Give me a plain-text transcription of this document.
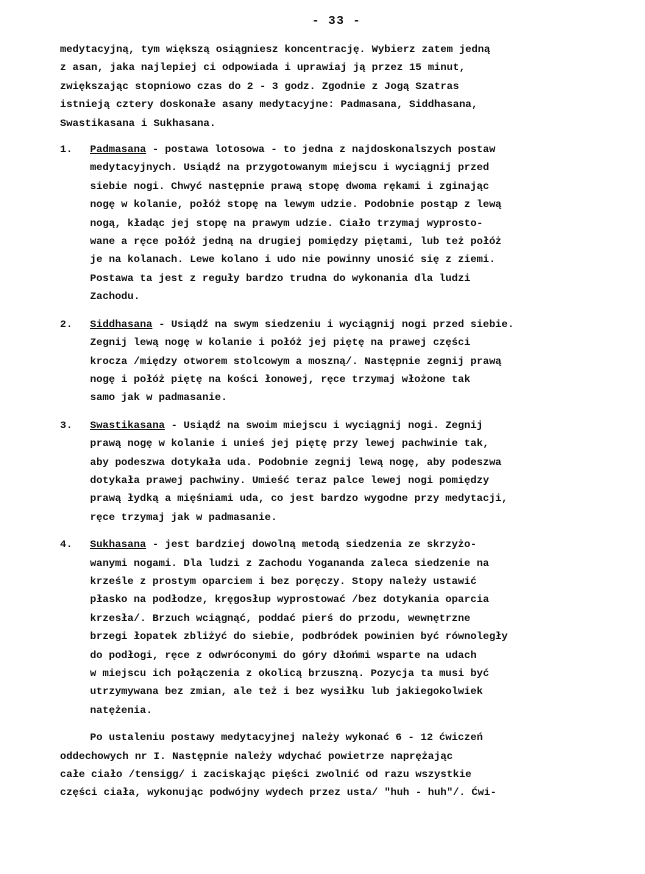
- 33 -

medytacyjną, tym większą osiągniesz koncentrację. Wybierz zatem jedną

z asan, jaka najlepiej ci odpowiada i uprawiaj ją przez 15 minut,

zwiększając stopniowo czas do 2 - 3 godz. Zgodnie z Jogą Szatras

istnieją cztery doskonałe asany medytacyjne: Padmasana, Siddhasana,

Swastikasana i Sukhasana.

1. Padmasana - postawa lotosowa - to jedna z najdoskonalszych postaw

medytacyjnych. Usiądź na przygotowanym miejscu i wyciągnij przed

siebie nogi. Chwyć następnie prawą stopę dwoma rękami i zginając

nogę w kolanie, połóż stopę na lewym udzie. Podobnie postąp z lewą

nogą, kładąc jej stopę na prawym udzie. Ciało trzymaj wyprosto-

wane a ręce połóż jedną na drugiej pomiędzy piętami, lub też połóż

je na kolanach. Lewe kolano i udo nie powinny unosić się z ziemi.

Postawa ta jest z reguły bardzo trudna do wykonania dla ludzi

Zachodu.

2. Siddhasana - Usiądź na swym siedzeniu i wyciągnij nogi przed siebie.

Zegnij lewą nogę w kolanie i połóż jej piętę na prawej części

krocza /między otworem stolcowym a moszną/. Następnie zegnij prawą

nogę i połóż piętę na kości łonowej, ręce trzymaj włożone tak

samo jak w padmasanie.

3. Swastikasana - Usiądź na swoim miejscu i wyciągnij nogi. Zegnij

prawą nogę w kolanie i unieś jej piętę przy lewej pachwinie tak,

aby podeszwa dotykała uda. Podobnie zegnij lewą nogę, aby podeszwa

dotykała prawej pachwiny. Umieść teraz palce lewej nogi pomiędzy

prawą łydką a mięśniami uda, co jest bardzo wygodne przy medytacji,

ręce trzymaj jak w padmasanie.

4. Sukhasana - jest bardziej dowolną metodą siedzenia ze skrzyżo-

wanymi nogami. Dla ludzi z Zachodu Yogananda zaleca siedzenie na

krześle z prostym oparciem i bez poręczy. Stopy należy ustawić

płasko na podłodze, kręgosłup wyprostować /bez dotykania oparcia

krzesła/. Brzuch wciągnąć, poddać pierś do przodu, wewnętrzne

brzegi łopatek zbliżyć do siebie, podbródek powinien być równoległy

do podłogi, ręce z odwróconymi do góry dłońmi wsparte na udach

w miejscu ich połączenia z okolicą brzuszną. Pozycja ta musi być

utrzymywana bez zmian, ale też i bez wysiłku lub jakiegokolwiek

natężenia.

Po ustaleniu postawy medytacyjnej należy wykonać 6 - 12 ćwiczeń

oddechowych nr I. Następnie należy wdychać powietrze naprężając

całe ciało /tensigg/ i zaciskając pięści zwolnić od razu wszystkie

części ciała, wykonując podwójny wydech przez usta/ "huh - huh"/. Ćwi-
